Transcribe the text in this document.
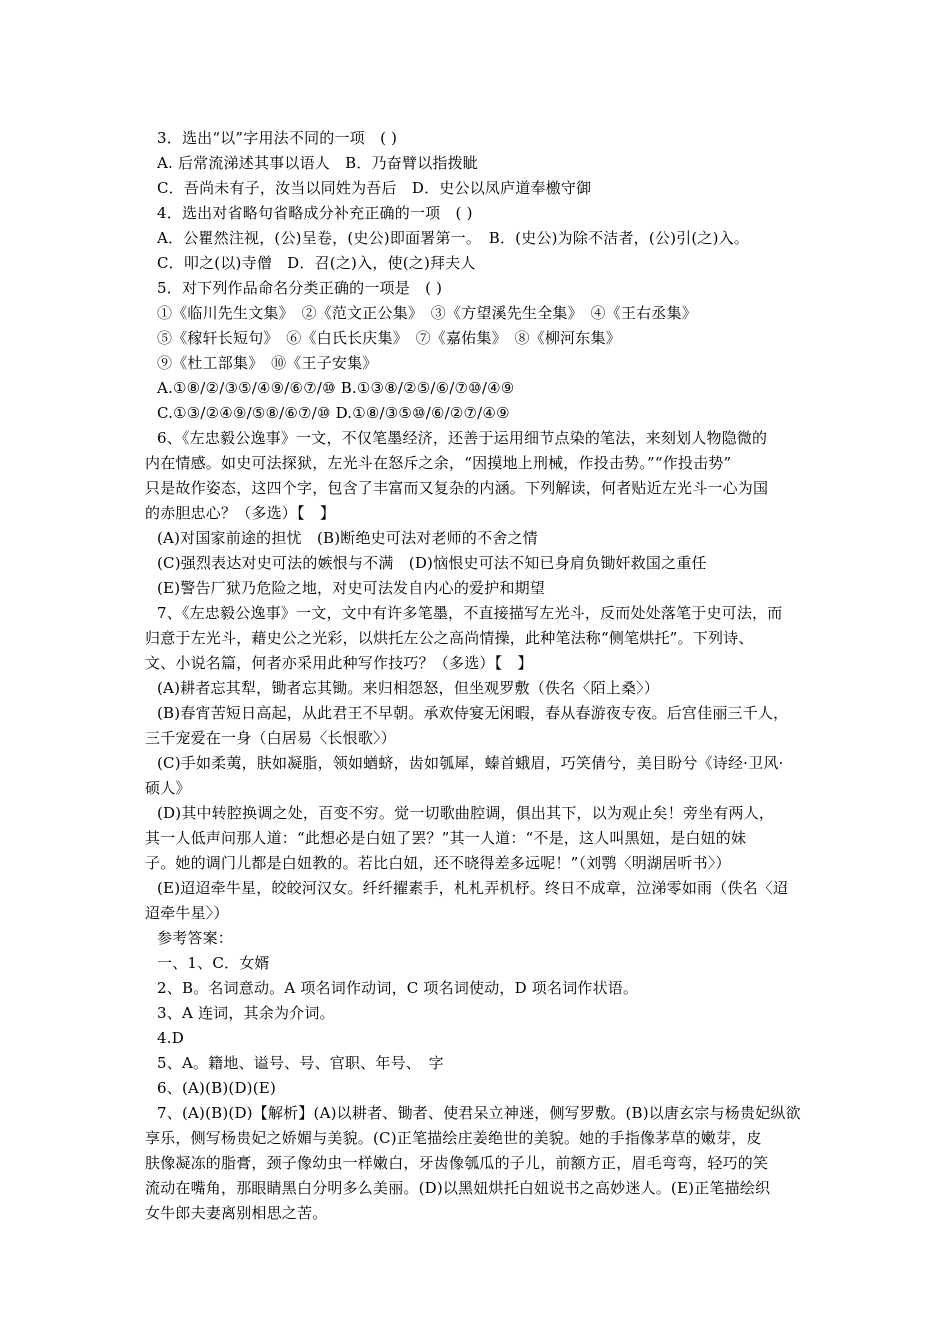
3．选出“以”字用法不同的一项　( )
A. 后常流涕述其事以语人　B．乃奋臂以指拨眦
C．吾尚未有子，汝当以同姓为吾后　D．史公以凤庐道奉檄守御
4．选出对省略句省略成分补充正确的一项　( )
A．公瞿然注视，(公)呈卷，(史公)即面署第一。　B．(史公)为除不洁者，(公)引(之)入。
C．叩之(以)寺僧　D．召(之)入，使(之)拜夫人
5．对下列作品命名分类正确的一项是　( )
①《临川先生文集》　②《范文正公集》　③《方望溪先生全集》　④《王右丞集》
⑤《稼轩长短句》　⑥《白氏长庆集》　⑦《嘉佑集》　⑧《柳河东集》
⑨《杜工部集》　⑩《王子安集》
A.①⑧/②/③⑤/④⑨/⑥⑦/⑩ B.①③⑧/②⑤/⑥/⑦⑩/④⑨
C.①③/②④⑨/⑤⑧/⑥⑦/⑩ D.①⑧/③⑤⑩/⑥/②⑦/④⑨
6、《左忠毅公逸事》一文，不仅笔墨经济，还善于运用细节点染的笔法，来刻划人物隐微的
内在情感。如史可法探狱，左光斗在怒斥之余，“因摸地上刑械，作投击势。”“作投击势”
只是故作姿态，这四个字，包含了丰富而又复杂的内涵。下列解读，何者贴近左光斗一心为国
的赤胆忠心？（多选）【　】
(A)对国家前途的担忧　(B)断绝史可法对老师的不舍之情
(C)强烈表达对史可法的嫉恨与不满　(D)恼恨史可法不知已身肩负锄奸救国之重任
(E)警告厂狱乃危险之地，对史可法发自内心的爱护和期望
7、《左忠毅公逸事》一文，文中有许多笔墨，不直接描写左光斗，反而处处落笔于史可法，而
归意于左光斗，藉史公之光彩，以烘托左公之高尚情操，此种笔法称“侧笔烘托”。下列诗、
文、小说名篇，何者亦采用此种写作技巧？（多选）【　】
(A)耕者忘其犁，锄者忘其锄。来归相怨怒，但坐观罗敷（佚名〈陌上桑〉）
(B)春宵苦短日高起，从此君王不早朝。承欢侍宴无闲暇，春从春游夜专夜。后宫佳丽三千人，
三千宠爱在一身（白居易〈长恨歌〉）
(C)手如柔荑，肤如凝脂，领如蝤蛴，齿如瓠犀，螓首蛾眉，巧笑倩兮，美目盼兮《诗经·卫风·
硕人》
(D)其中转腔换调之处，百变不穷。觉一切歌曲腔调，俱出其下，以为观止矣！旁坐有两人，
其一人低声问那人道：“此想必是白妞了罢？”其一人道：“不是，这人叫黑妞，是白妞的妹
子。她的调门儿都是白妞教的。若比白妞，还不晓得差多远呢！”（刘鹗〈明湖居听书〉）
(E)迢迢牵牛星，皎皎河汉女。纤纤擢素手，札札弄机杼。终日不成章，泣涕零如雨（佚名〈迢
迢牵牛星〉）
参考答案：
一、1、C．女婿
2、B。名词意动。A 项名词作动词，C 项名词使动，D 项名词作状语。
3、A 连词，其余为介词。
4.D
5、A。籍地、谥号、号、官职、年号、　字
6、(A)(B)(D)(E)
7、(A)(B)(D)【解析】(A)以耕者、锄者、使君呆立神迷，侧写罗敷。(B)以唐玄宗与杨贵妃纵欲
享乐，侧写杨贵妃之娇媚与美貌。(C)正笔描绘庄姜绝世的美貌。她的手指像茅草的嫩芽，皮
肤像凝冻的脂膏，颈子像幼虫一样嫩白，牙齿像瓠瓜的子儿，前额方正，眉毛弯弯，轻巧的笑
流动在嘴角，那眼睛黑白分明多么美丽。(D)以黑妞烘托白妞说书之高妙迷人。(E)正笔描绘织
女牛郎夫妻离别相思之苦。
